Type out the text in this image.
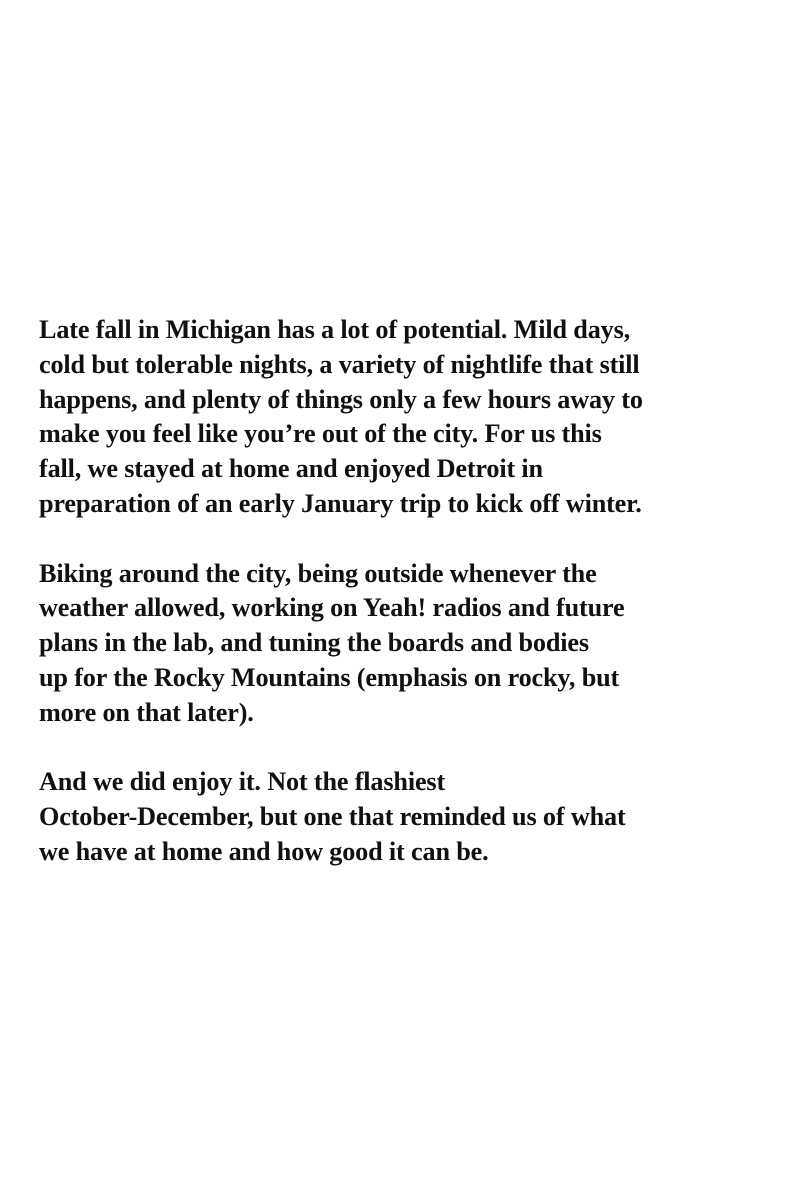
Late fall in Michigan has a lot of potential. Mild days,
cold but tolerable nights, a variety of nightlife that still
happens, and plenty of things only a few hours away to
make you feel like you’re out of the city. For us this
fall, we stayed at home and enjoyed Detroit in
preparation of an early January trip to kick off winter.

Biking around the city, being outside whenever the
weather allowed, working on Yeah! radios and future
plans in the lab, and tuning the boards and bodies
up for the Rocky Mountains (emphasis on rocky, but
more on that later).

And we did enjoy it. Not the flashiest
October-December, but one that reminded us of what
we have at home and how good it can be.
